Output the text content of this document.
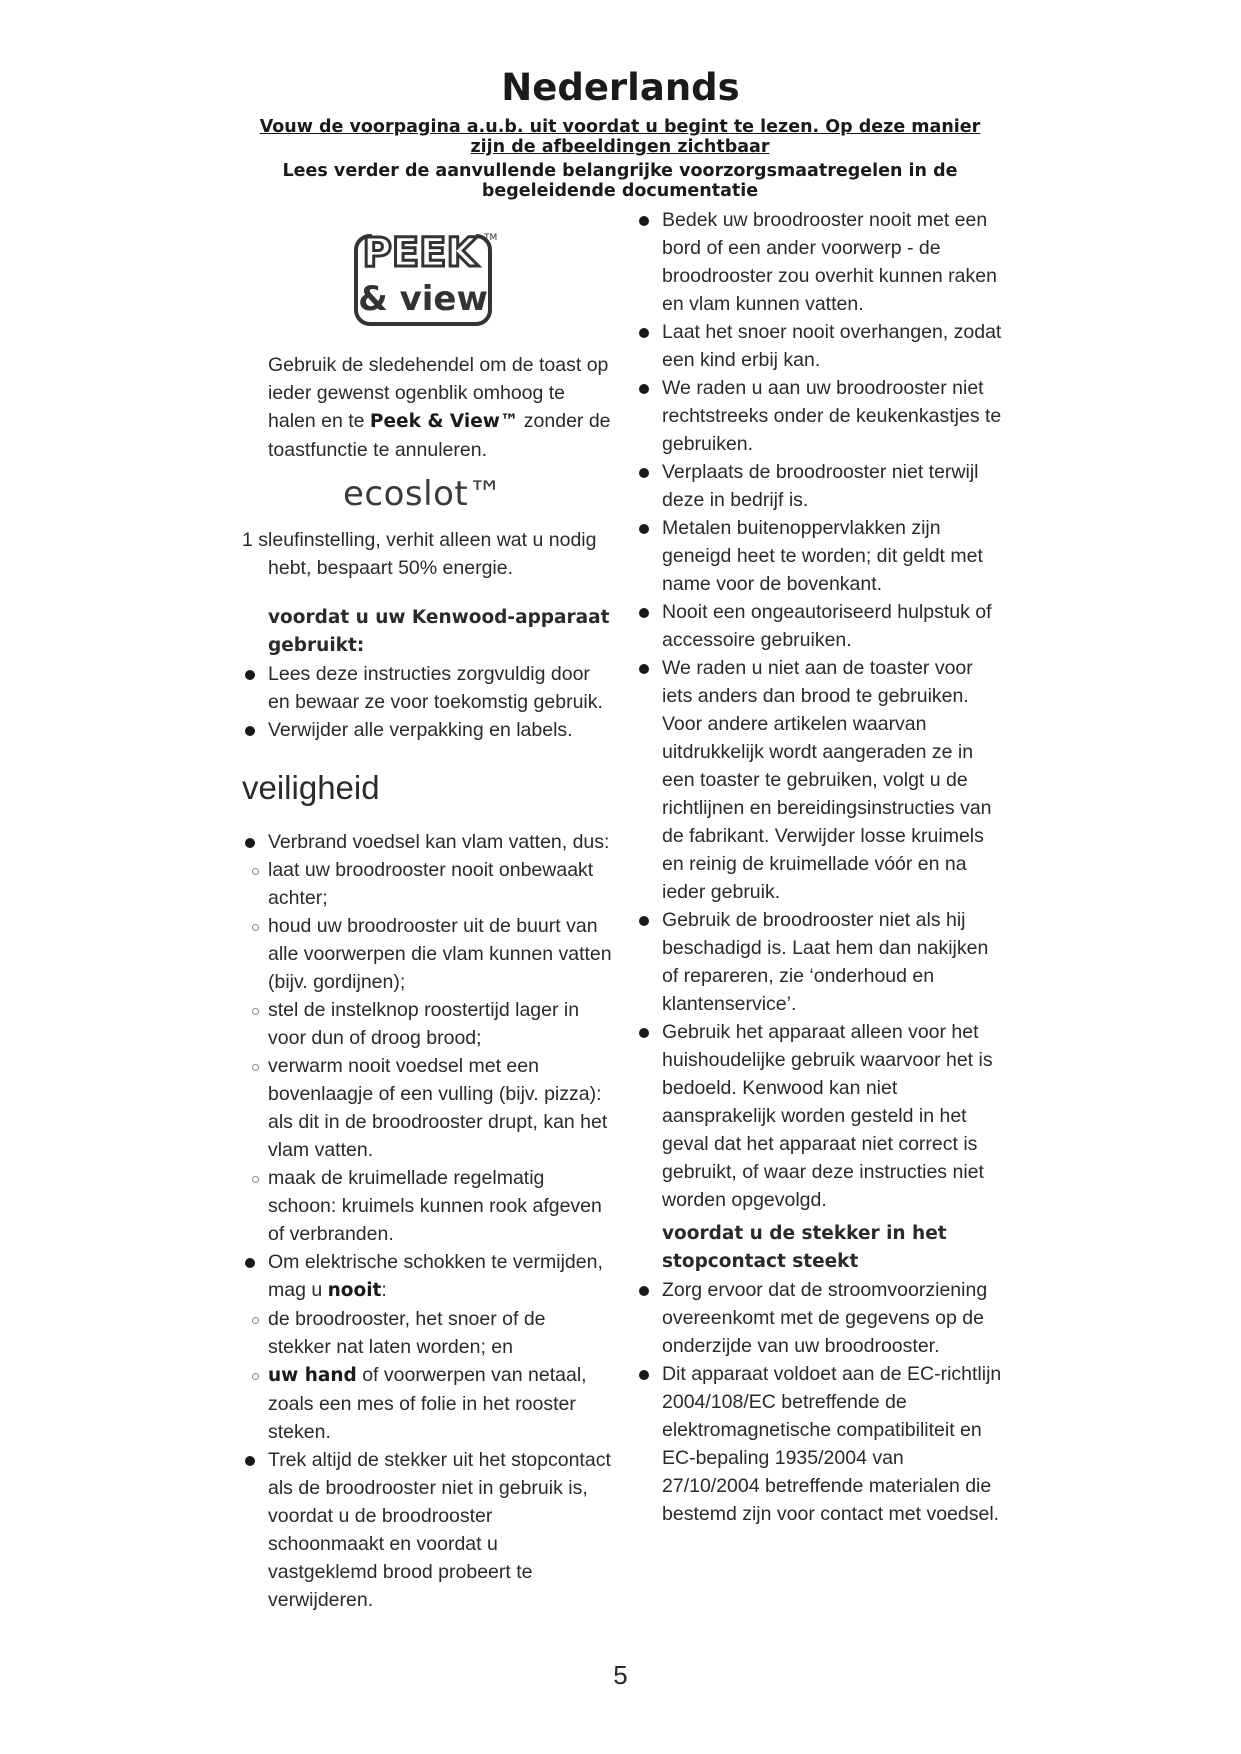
Nederlands
Vouw de voorpagina a.u.b. uit voordat u begint te lezen. Op deze manier
zijn de afbeeldingen zichtbaar
Lees verder de aanvullende belangrijke voorzorgsmaatregelen in de
begeleidende documentatie
PEEK TM
& view

Gebruik de sledehendel om de toast op ieder gewenst ogenblik omhoog te halen en te Peek & View™ zonder de toastfunctie te annuleren.

ecoslot™

1 sleufinstelling, verhit alleen wat u nodig hebt, bespaart 50% energie.

voordat u uw Kenwood-apparaat gebruikt:

Lees deze instructies zorgvuldig door en bewaar ze voor toekomstig gebruik.
Verwijder alle verpakking en labels.
veiligheid
Verbrand voedsel kan vlam vatten, dus:
laat uw broodrooster nooit onbewaakt achter;
houd uw broodrooster uit de buurt van alle voorwerpen die vlam kunnen vatten (bijv. gordijnen);
stel de instelknop roostertijd lager in voor dun of droog brood;
verwarm nooit voedsel met een bovenlaagje of een vulling (bijv. pizza): als dit in de broodrooster drupt, kan het vlam vatten.
maak de kruimellade regelmatig schoon: kruimels kunnen rook afgeven of verbranden.
Om elektrische schokken te vermijden, mag u nooit:
de broodrooster, het snoer of de stekker nat laten worden; en
uw hand of voorwerpen van netaal, zoals een mes of folie in het rooster steken.
Trek altijd de stekker uit het stopcontact als de broodrooster niet in gebruik is, voordat u de broodrooster schoonmaakt en voordat u vastgeklemd brood probeert te verwijderen.
Bedek uw broodrooster nooit met een bord of een ander voorwerp - de broodrooster zou overhit kunnen raken en vlam kunnen vatten.
Laat het snoer nooit overhangen, zodat een kind erbij kan.
We raden u aan uw broodrooster niet rechtstreeks onder de keukenkastjes te gebruiken.
Verplaats de broodrooster niet terwijl deze in bedrijf is.
Metalen buitenoppervlakken zijn geneigd heet te worden; dit geldt met name voor de bovenkant.
Nooit een ongeautoriseerd hulpstuk of accessoire gebruiken.
We raden u niet aan de toaster voor iets anders dan brood te gebruiken. Voor andere artikelen waarvan uitdrukkelijk wordt aangeraden ze in een toaster te gebruiken, volgt u de richtlijnen en bereidingsinstructies van de fabrikant. Verwijder losse kruimels en reinig de kruimellade vóór en na ieder gebruik.
Gebruik de broodrooster niet als hij beschadigd is. Laat hem dan nakijken of repareren, zie ‘onderhoud en klantenservice’.
Gebruik het apparaat alleen voor het huishoudelijke gebruik waarvoor het is bedoeld. Kenwood kan niet aansprakelijk worden gesteld in het geval dat het apparaat niet correct is gebruikt, of waar deze instructies niet worden opgevolgd.

voordat u de stekker in het stopcontact steekt

Zorg ervoor dat de stroomvoorziening overeenkomt met de gegevens op de onderzijde van uw broodrooster.
Dit apparaat voldoet aan de EC-richtlijn 2004/108/EC betreffende de elektromagnetische compatibiliteit en EC-bepaling 1935/2004 van 27/10/2004 betreffende materialen die bestemd zijn voor contact met voedsel.
5
